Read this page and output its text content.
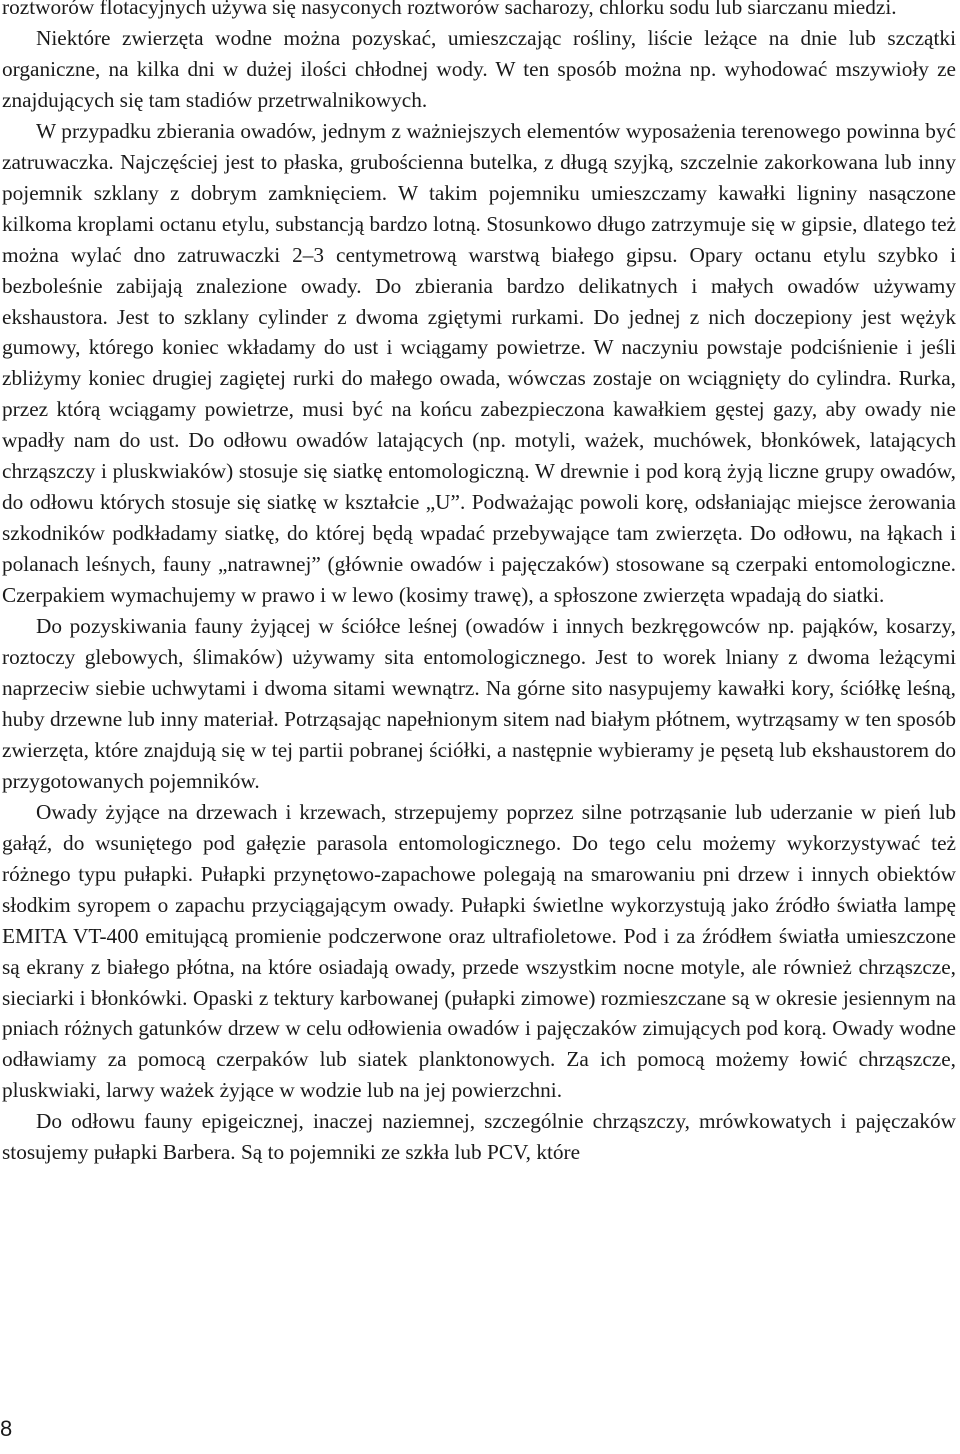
roztworów flotacyjnych używa się nasyconych roztworów sacharozy, chlorku sodu lub siarczanu miedzi.

Niektóre zwierzęta wodne można pozyskać, umieszczając rośliny, liście leżące na dnie lub szczątki organiczne, na kilka dni w dużej ilości chłodnej wody. W ten sposób można np. wyhodować mszywioły ze znajdujących się tam stadiów przetrwalnikowych.

W przypadku zbierania owadów, jednym z ważniejszych elementów wyposażenia terenowego powinna być zatruwaczka. Najczęściej jest to płaska, grubościenna butelka, z długą szyjką, szczelnie zakorkowana lub inny pojemnik szklany z dobrym zamknięciem. W takim pojemniku umieszczamy kawałki ligniny nasączone kilkoma kroplami octanu etylu, substancją bardzo lotną. Stosunkowo długo zatrzymuje się w gipsie, dlatego też można wylać dno zatruwaczki 2–3 centymetrową warstwą białego gipsu. Opary octanu etylu szybko i bezboleśnie zabijają znalezione owady. Do zbierania bardzo delikatnych i małych owadów używamy ekshaustora. Jest to szklany cylinder z dwoma zgiętymi rurkami. Do jednej z nich doczepiony jest wężyk gumowy, którego koniec wkładamy do ust i wciągamy powietrze. W naczyniu powstaje podciśnienie i jeśli zbliżymy koniec drugiej zagiętej rurki do małego owada, wówczas zostaje on wciągnięty do cylindra. Rurka, przez którą wciągamy powietrze, musi być na końcu zabezpieczona kawałkiem gęstej gazy, aby owady nie wpadły nam do ust. Do odłowu owadów latających (np. motyli, ważek, muchówek, błonkówek, latających chrząszczy i pluskwiaków) stosuje się siatkę entomologiczną. W drewnie i pod korą żyją liczne grupy owadów, do odłowu których stosuje się siatkę w kształcie „U”. Podważając powoli korę, odsłaniając miejsce żerowania szkodników podkładamy siatkę, do której będą wpadać przebywające tam zwierzęta. Do odłowu, na łąkach i polanach leśnych, fauny „natrawnej” (głównie owadów i pajęczaków) stosowane są czerpaki entomologiczne. Czerpakiem wymachujemy w prawo i w lewo (kosimy trawę), a spłoszone zwierzęta wpadają do siatki.

Do pozyskiwania fauny żyjącej w ściółce leśnej (owadów i innych bezkręgowców np. pająków, kosarzy, roztoczy glebowych, ślimaków) używamy sita entomologicznego. Jest to worek lniany z dwoma leżącymi naprzeciw siebie uchwytami i dwoma sitami wewnątrz. Na górne sito nasypujemy kawałki kory, ściółkę leśną, huby drzewne lub inny materiał. Potrząsając napełnionym sitem nad białym płótnem, wytrząsamy w ten sposób zwierzęta, które znajdują się w tej partii pobranej ściółki, a następnie wybieramy je pęsetą lub ekshaustorem do przygotowanych pojemników.

Owady żyjące na drzewach i krzewach, strzepujemy poprzez silne potrząsanie lub uderzanie w pień lub gałąź, do wsuniętego pod gałęzie parasola entomologicznego. Do tego celu możemy wykorzystywać też różnego typu pułapki. Pułapki przynętowo-zapachowe polegają na smarowaniu pni drzew i innych obiektów słodkim syropem o zapachu przyciągającym owady. Pułapki świetlne wykorzystują jako źródło światła lampę EMITA VT-400 emitującą promienie podczerwone oraz ultrafioletowe. Pod i za źródłem światła umieszczone są ekrany z białego płótna, na które osiadają owady, przede wszystkim nocne motyle, ale również chrząszcze, sieciarki i błonkówki. Opaski z tektury karbowanej (pułapki zimowe) rozmieszczane są w okresie jesiennym na pniach różnych gatunków drzew w celu odłowienia owadów i pajęczaków zimujących pod korą. Owady wodne odławiamy za pomocą czerpaków lub siatek planktonowych. Za ich pomocą możemy łowić chrząszcze, pluskwiaki, larwy ważek żyjące w wodzie lub na jej powierzchni.

Do odłowu fauny epigeicznej, inaczej naziemnej, szczególnie chrząszczy, mrówkowatych i pajęczaków stosujemy pułapki Barbera. Są to pojemniki ze szkła lub PCV, które

8
